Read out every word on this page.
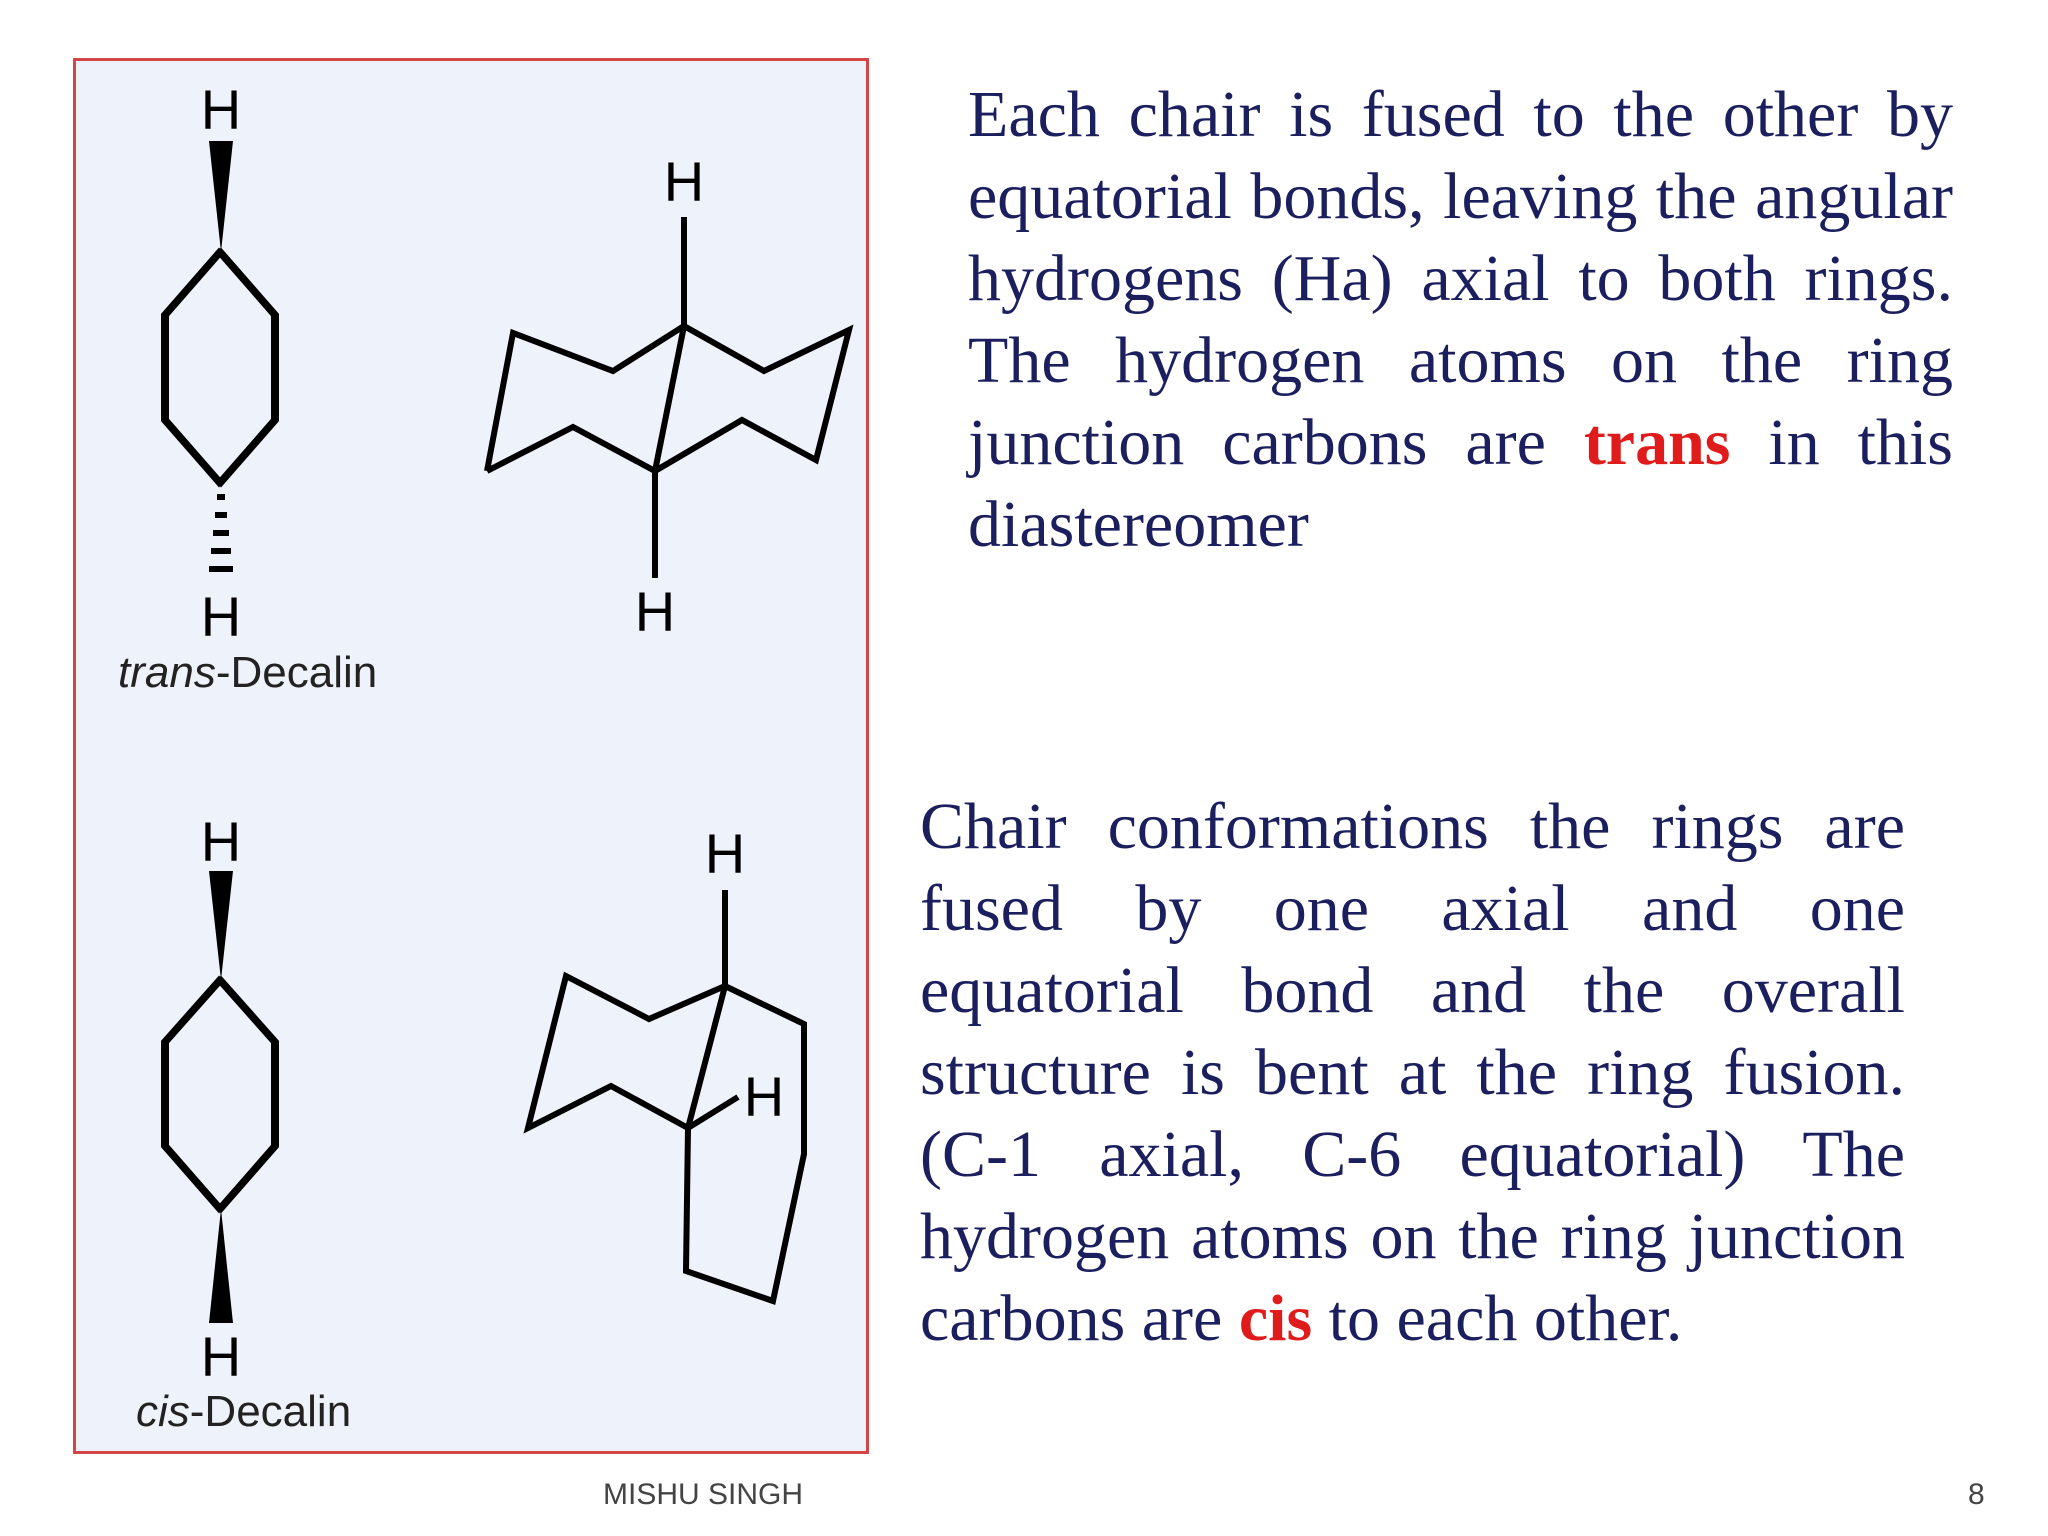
H
H
H
H
H
H
H
H
trans-Decalin
cis-Decalin
Each chair is fused to the other by equatorial bonds, leaving the angular hydrogens (Ha) axial to both rings. The hydrogen atoms on the ring junction carbons are trans in this diastereomer
Chair conformations the rings are fused by one axial and one equatorial bond and the overall structure is bent at the ring fusion. (C-1 axial, C-6 equatorial) The hydrogen atoms on the ring junction carbons are cis to each other.
MISHU SINGH	8
